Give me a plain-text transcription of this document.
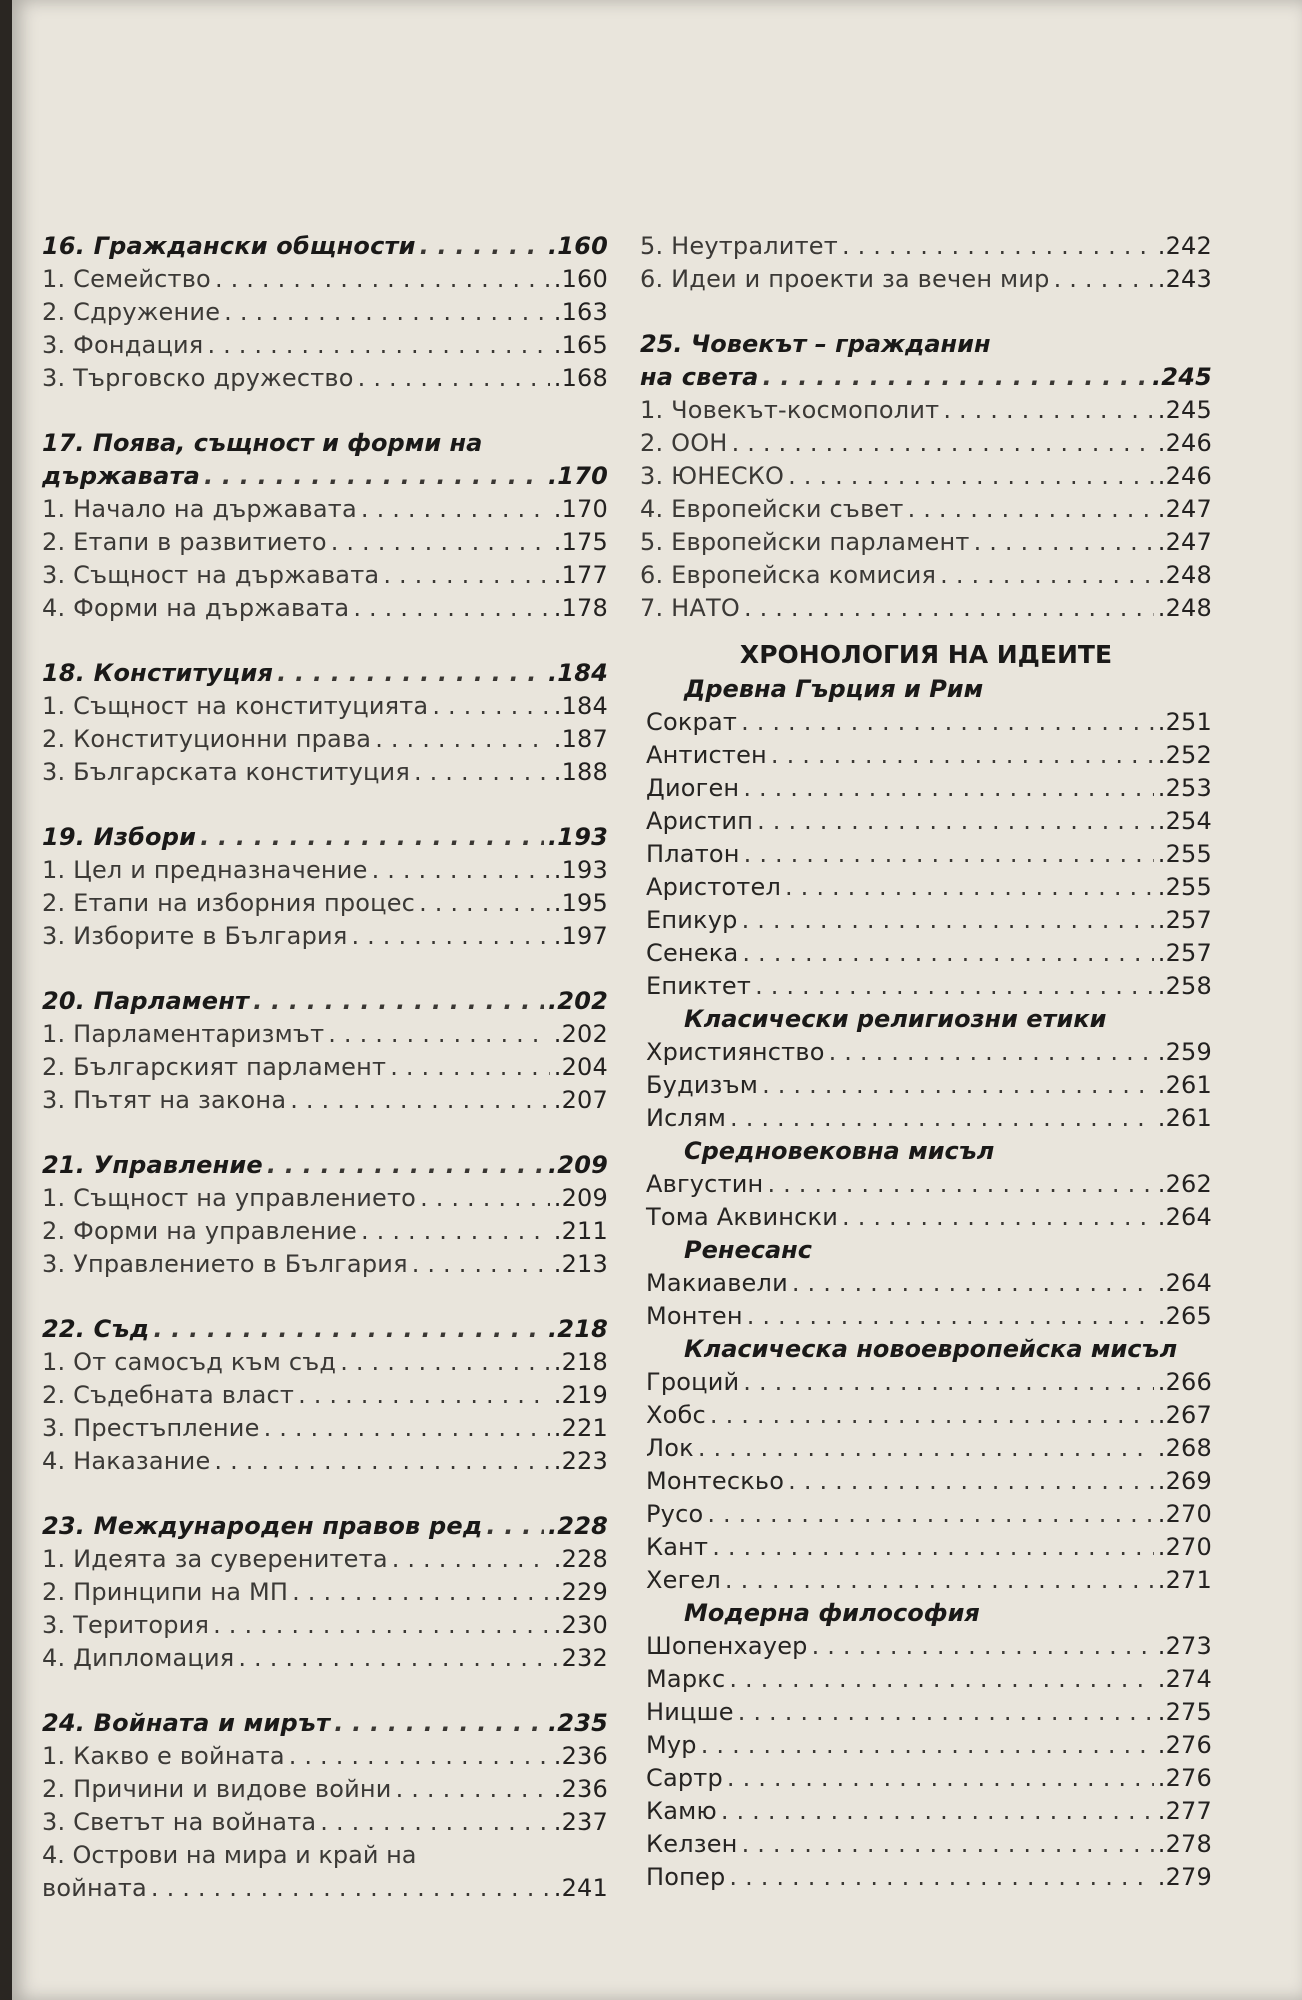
16. Граждански общности . . .	.160
1. Семейство . . .	.160
2. Сдружение . . .	.163
3. Фондация . . .	.165
3. Търговско дружество . . .	.168
17. Поява, същност и форми на
държавата . . .	.170
1. Начало на държавата . . .	.170
2. Етапи в развитието . . .	.175
3. Същност на държавата . . .	.177
4. Форми на държавата . . .	.178
18. Конституция . . .	.184
1. Същност на конституцията . . .	.184
2. Конституционни права . . .	.187
3. Българската конституция . . .	.188
19. Избори . . .	.193
1. Цел и предназначение . . .	.193
2. Етапи на изборния процес . . .	.195
3. Изборите в България . . .	.197
20. Парламент . . .	.202
1. Парламентаризмът . . .	.202
2. Българският парламент . . .	.204
3. Пътят на закона . . .	.207
21. Управление . . .	.209
1. Същност на управлението . . .	.209
2. Форми на управление . . .	.211
3. Управлението в България . . .	.213
22. Съд . . .	.218
1. От самосъд към съд . . .	.218
2. Съдебната власт . . .	.219
3. Престъпление . . .	.221
4. Наказание . . .	.223
23. Международен правов ред . . .	.228
1. Идеята за суверенитета . . .	.228
2. Принципи на МП . . .	.229
3. Територия . . .	.230
4. Дипломация . . .	232
24. Войната и мирът . . .	.235
1. Какво е войната . . .	.236
2. Причини и видове войни . . .	.236
3. Светът на войната . . .	.237
4. Острови на мира и край на
войната . . .	.241
5. Неутралитет . . .	.242
6. Идеи и проекти за вечен мир . . .	.243
25. Човекът – гражданин
на света . . .	.245
1. Човекът-космополит . . .	.245
2. ООН . . .	.246
3. ЮНЕСКО . . .	.246
4. Европейски съвет . . .	.247
5. Европейски парламент . . .	.247
6. Европейска комисия . . .	.248
7. НАТО . . .	.248
ХРОНОЛОГИЯ НА ИДЕИТЕ
Древна Гърция и Рим
Сократ . . .	.251
Антистен . . .	.252
Диоген . . .	.253
Аристип . . .	.254
Платон . . .	.255
Аристотел . . .	.255
Епикур . . .	.257
Сенека . . .	.257
Епиктет . . .	.258
Класически религиозни етики
Християнство . . .	.259
Будизъм . . .	.261
Ислям . . .	.261
Средновековна мисъл
Августин . . .	.262
Тома Аквински . . .	.264
Ренесанс
Макиавели . . .	.264
Монтен . . .	.265
Класическа новоевропейска мисъл
Гроций . . .	.266
Хобс . . .	.267
Лок . . .	.268
Монтескьо . . .	.269
Русо . . .	.270
Кант . . .	.270
Хегел . . .	.271
Модерна философия
Шопенхауер . . .	.273
Маркс . . .	.274
Ницше . . .	.275
Мур . . .	.276
Сартр . . .	.276
Камю . . .	.277
Келзен . . .	.278
Попер . . .	.279
